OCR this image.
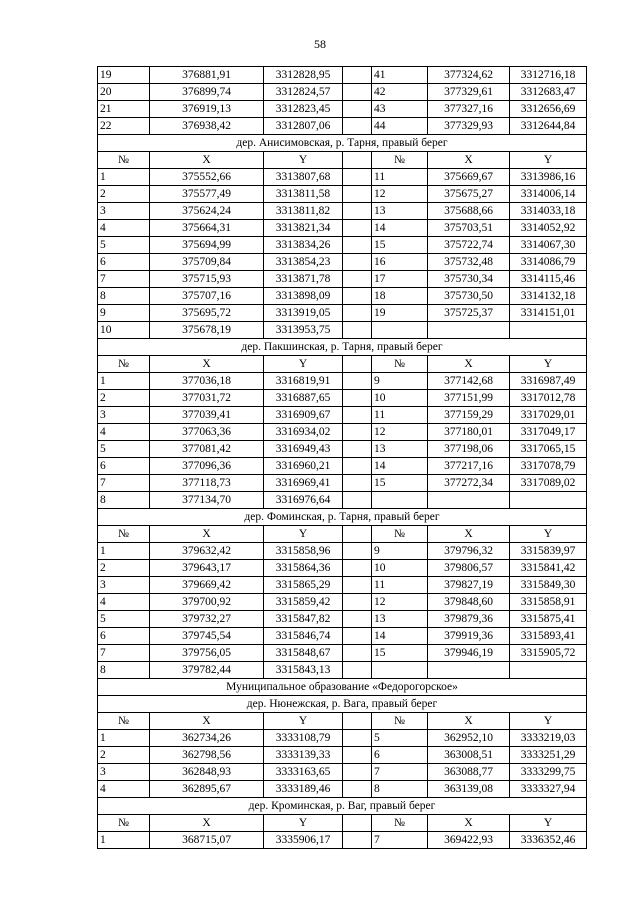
58
19	376881,91	3312828,95		41	377324,62	3312716,18
20	376899,74	3312824,57		42	377329,61	3312683,47
21	376919,13	3312823,45		43	377327,16	3312656,69
22	376938,42	3312807,06		44	377329,93	3312644,84
дер. Анисимовская, р. Тарня, правый берег						
№	X	Y		№	X	Y
1	375552,66	3313807,68		11	375669,67	3313986,16
2	375577,49	3313811,58		12	375675,27	3314006,14
3	375624,24	3313811,82		13	375688,66	3314033,18
4	375664,31	3313821,34		14	375703,51	3314052,92
5	375694,99	3313834,26		15	375722,74	3314067,30
6	375709,84	3313854,23		16	375732,48	3314086,79
7	375715,93	3313871,78		17	375730,34	3314115,46
8	375707,16	3313898,09		18	375730,50	3314132,18
9	375695,72	3313919,05		19	375725,37	3314151,01
10	375678,19	3313953,75				
дер. Пакшинская, р. Тарня, правый берег						
№	X	Y		№	X	Y
1	377036,18	3316819,91		9	377142,68	3316987,49
2	377031,72	3316887,65		10	377151,99	3317012,78
3	377039,41	3316909,67		11	377159,29	3317029,01
4	377063,36	3316934,02		12	377180,01	3317049,17
5	377081,42	3316949,43		13	377198,06	3317065,15
6	377096,36	3316960,21		14	377217,16	3317078,79
7	377118,73	3316969,41		15	377272,34	3317089,02
8	377134,70	3316976,64				
дер. Фоминская, р. Тарня, правый берег						
№	X	Y		№	X	Y
1	379632,42	3315858,96		9	379796,32	3315839,97
2	379643,17	3315864,36		10	379806,57	3315841,42
3	379669,42	3315865,29		11	379827,19	3315849,30
4	379700,92	3315859,42		12	379848,60	3315858,91
5	379732,27	3315847,82		13	379879,36	3315875,41
6	379745,54	3315846,74		14	379919,36	3315893,41
7	379756,05	3315848,67		15	379946,19	3315905,72
8	379782,44	3315843,13				
Муниципальное образование «Федорогорское»						
дер. Нюнежская, р. Вага, правый берег						
№	X	Y		№	X	Y
1	362734,26	3333108,79		5	362952,10	3333219,03
2	362798,56	3333139,33		6	363008,51	3333251,29
3	362848,93	3333163,65		7	363088,77	3333299,75
4	362895,67	3333189,46		8	363139,08	3333327,94
дер. Кроминская, р. Ваг, правый берег						
№	X	Y		№	X	Y
1	368715,07	3335906,17		7	369422,93	3336352,46
